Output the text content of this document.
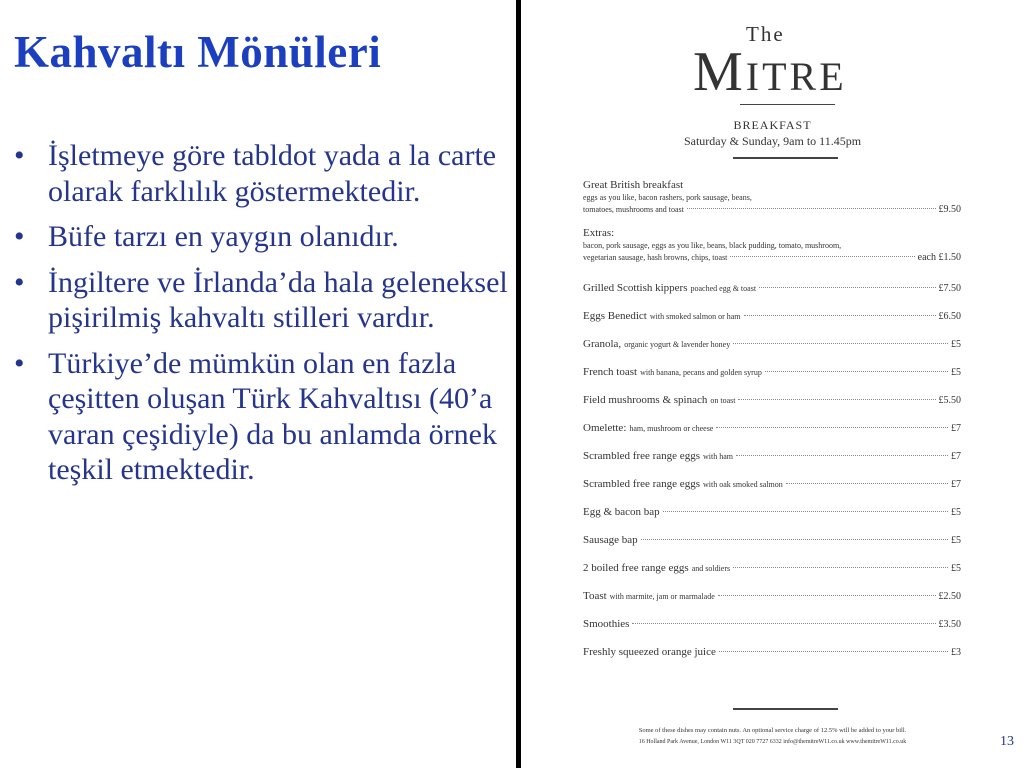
Kahvaltı Mönüleri
• İşletmeye göre tabldot yada a la carte olarak farklılık göstermektedir.
• Büfe tarzı en yaygın olanıdır.
• İngiltere ve İrlanda’da hala geleneksel pişirilmiş kahvaltı stilleri vardır.
• Türkiye’de mümkün olan en fazla çeşitten oluşan Türk Kahvaltısı (40’a varan çeşidiyle) da bu anlamda örnek teşkil etmektedir.
The
MITRE
BREAKFAST
Saturday & Sunday, 9am to 11.45pm
Great British breakfast
eggs as you like, bacon rashers, pork sausage, beans,
tomatoes, mushrooms and toast	£9.50
Extras:
bacon, pork sausage, eggs as you like, beans, black pudding, tomato, mushroom,
vegetarian sausage, hash browns, chips, toast	each £1.50
Grilled Scottish kippers poached egg & toast	£7.50
Eggs Benedict with smoked salmon or ham	£6.50
Granola, organic yogurt & lavender honey	£5
French toast with banana, pecans and golden syrup	£5
Field mushrooms & spinach on toast	£5.50
Omelette: ham, mushroom or cheese	£7
Scrambled free range eggs with ham	£7
Scrambled free range eggs with oak smoked salmon	£7
Egg & bacon bap	£5
Sausage bap	£5
2 boiled free range eggs and soldiers	£5
Toast with marmite, jam or marmalade	£2.50
Smoothies	£3.50
Freshly squeezed orange juice	£3
Some of these dishes may contain nuts. An optional service charge of 12.5% will be added to your bill.
16 Holland Park Avenue, London W11 3QT 020 7727 6332 info@themitreW11.co.uk www.themitreW11.co.uk	13
